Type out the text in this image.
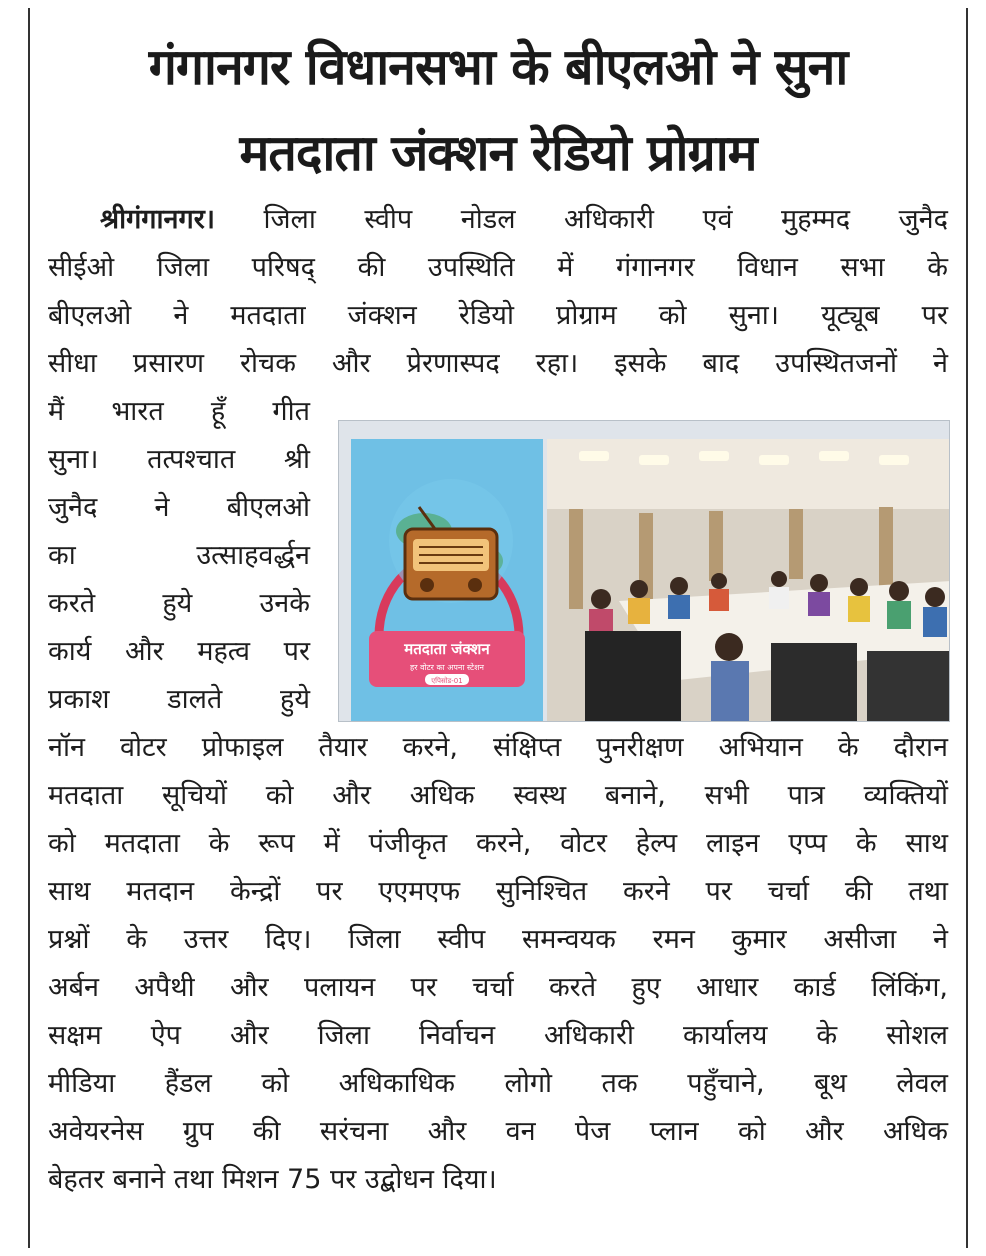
गंगानगर विधानसभा के बीएलओ ने सुना
मतदाता जंक्शन रेडियो प्रोग्राम
श्रीगंगानगर। जिला स्वीप नोडल अधिकारी एवं मुहम्मद जुनैद
सीईओ जिला परिषद् की उपस्थिति में गंगानगर विधान सभा के
बीएलओ ने मतदाता जंक्शन रेडियो प्रोग्राम को सुना। यूट्यूब पर
सीधा प्रसारण रोचक और प्रेरणास्पद रहा। इसके बाद उपस्थितजनों ने
मैं भारत हूँ गीत
सुना। तत्पश्चात श्री
जुनैद ने बीएलओ
का उत्साहवर्द्धन
करते हुये उनके
कार्य और महत्व पर
प्रकाश डालते हुये
नॉन वोटर प्रोफाइल तैयार करने, संक्षिप्त पुनरीक्षण अभियान के दौरान
मतदाता सूचियों को और अधिक स्वस्थ बनाने, सभी पात्र व्यक्तियों
को मतदाता के रूप में पंजीकृत करने, वोटर हेल्प लाइन एप्प के साथ
साथ मतदान केन्द्रों पर एएमएफ सुनिश्चित करने पर चर्चा की तथा
प्रश्नों के उत्तर दिए। जिला स्वीप समन्वयक रमन कुमार असीजा ने
अर्बन अपैथी और पलायन पर चर्चा करते हुए आधार कार्ड लिंकिंग,
सक्षम ऐप और जिला निर्वाचन अधिकारी कार्यालय के सोशल
मीडिया हैंडल को अधिकाधिक लोगो तक पहुँचाने, बूथ लेवल
अवेयरनेस ग्रुप की सरंचना और वन पेज प्लान को और अधिक
बेहतर बनाने तथा मिशन 75 पर उद्बोधन दिया।
मतदाता जंक्शन
हर वोटर का अपना स्टेशन
एपिसोड-01
